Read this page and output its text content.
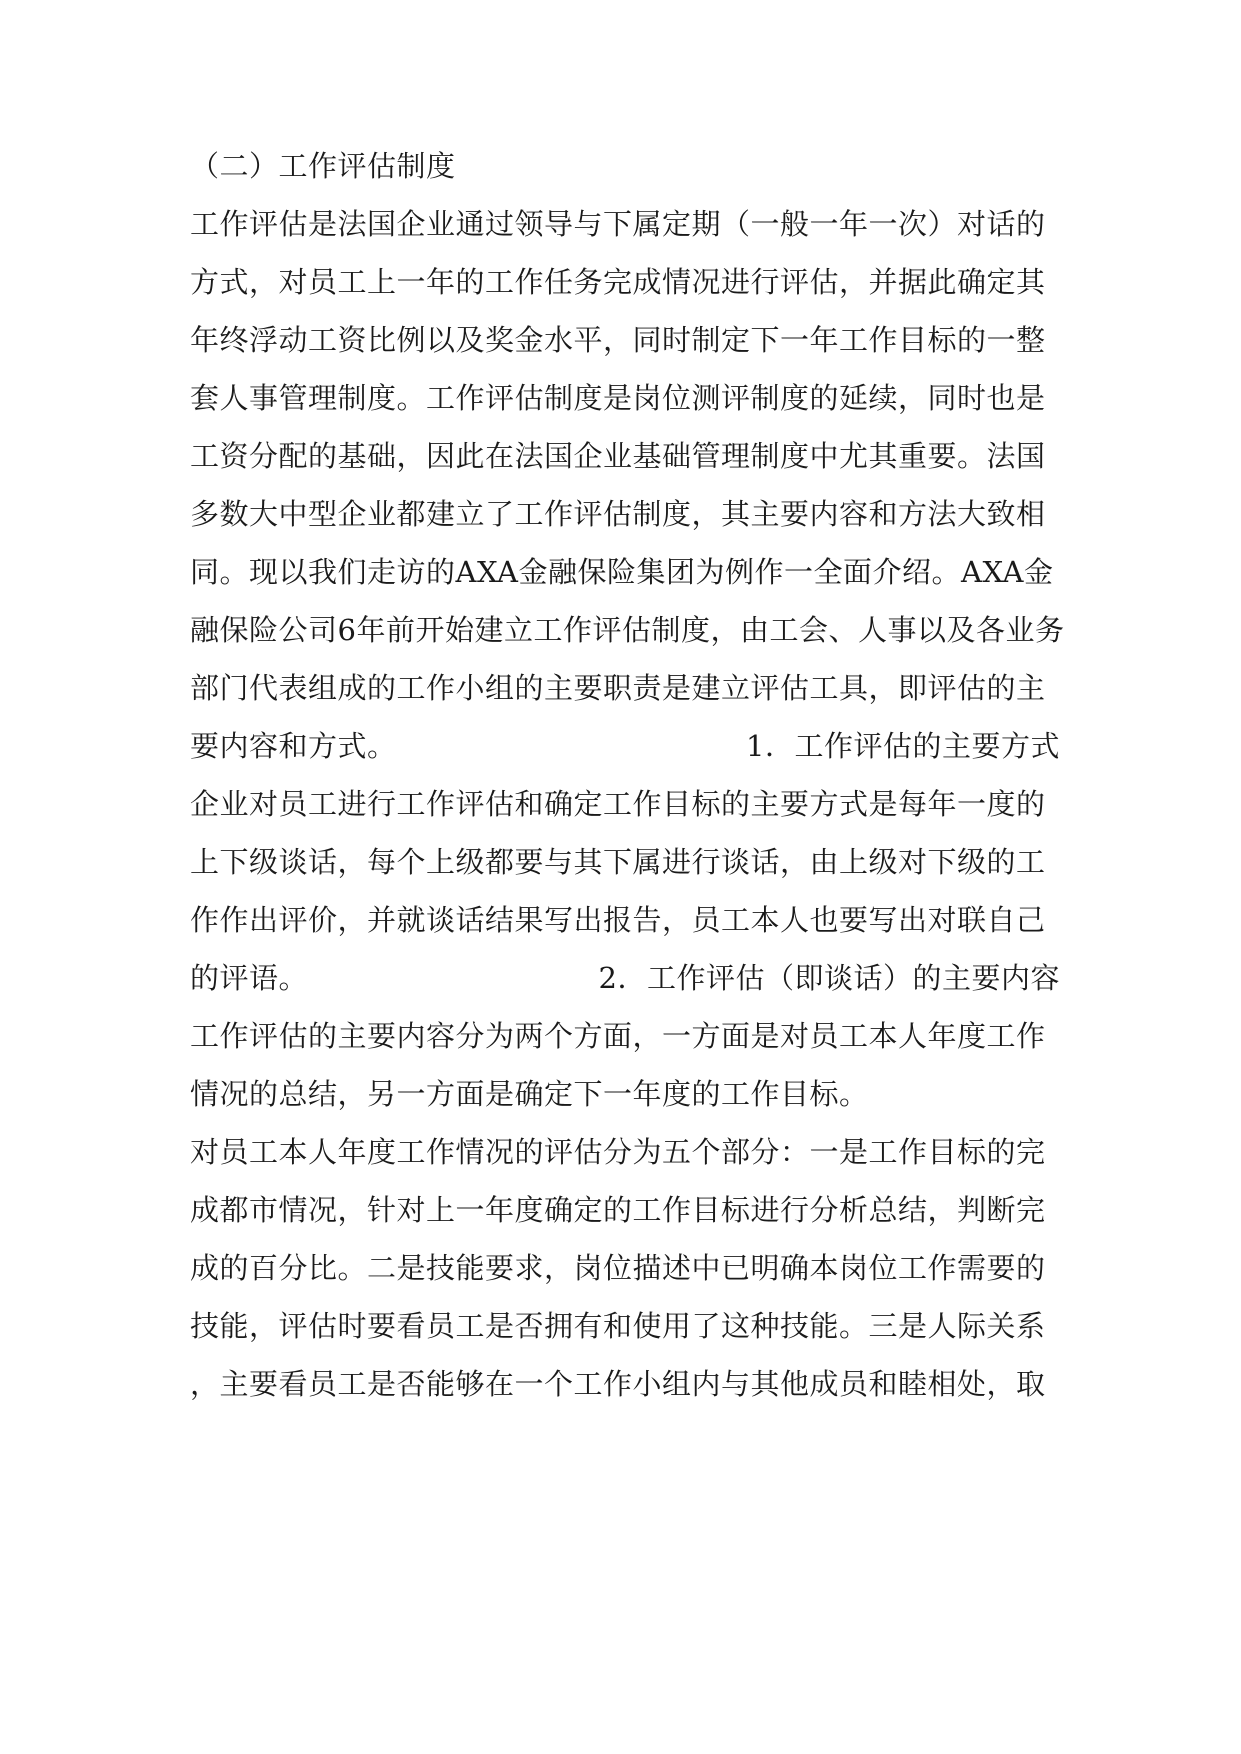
（二）工作评估制度
工作评估是法国企业通过领导与下属定期（一般一年一次）对话的
方式，对员工上一年的工作任务完成情况进行评估，并据此确定其
年终浮动工资比例以及奖金水平，同时制定下一年工作目标的一整
套人事管理制度。工作评估制度是岗位测评制度的延续，同时也是
工资分配的基础，因此在法国企业基础管理制度中尤其重要。法国
多数大中型企业都建立了工作评估制度，其主要内容和方法大致相
同。现以我们走访的AXA金融保险集团为例作一全面介绍。AXA金
融保险公司6年前开始建立工作评估制度，由工会、人事以及各业务
部门代表组成的工作小组的主要职责是建立评估工具，即评估的主
要内容和方式。	1．工作评估的主要方式
企业对员工进行工作评估和确定工作目标的主要方式是每年一度的
上下级谈话，每个上级都要与其下属进行谈话，由上级对下级的工
作作出评价，并就谈话结果写出报告，员工本人也要写出对联自己
的评语。	2．工作评估（即谈话）的主要内容
工作评估的主要内容分为两个方面，一方面是对员工本人年度工作
情况的总结，另一方面是确定下一年度的工作目标。
对员工本人年度工作情况的评估分为五个部分：一是工作目标的完
成都市情况，针对上一年度确定的工作目标进行分析总结，判断完
成的百分比。二是技能要求，岗位描述中已明确本岗位工作需要的
技能，评估时要看员工是否拥有和使用了这种技能。三是人际关系
，主要看员工是否能够在一个工作小组内与其他成员和睦相处，取
